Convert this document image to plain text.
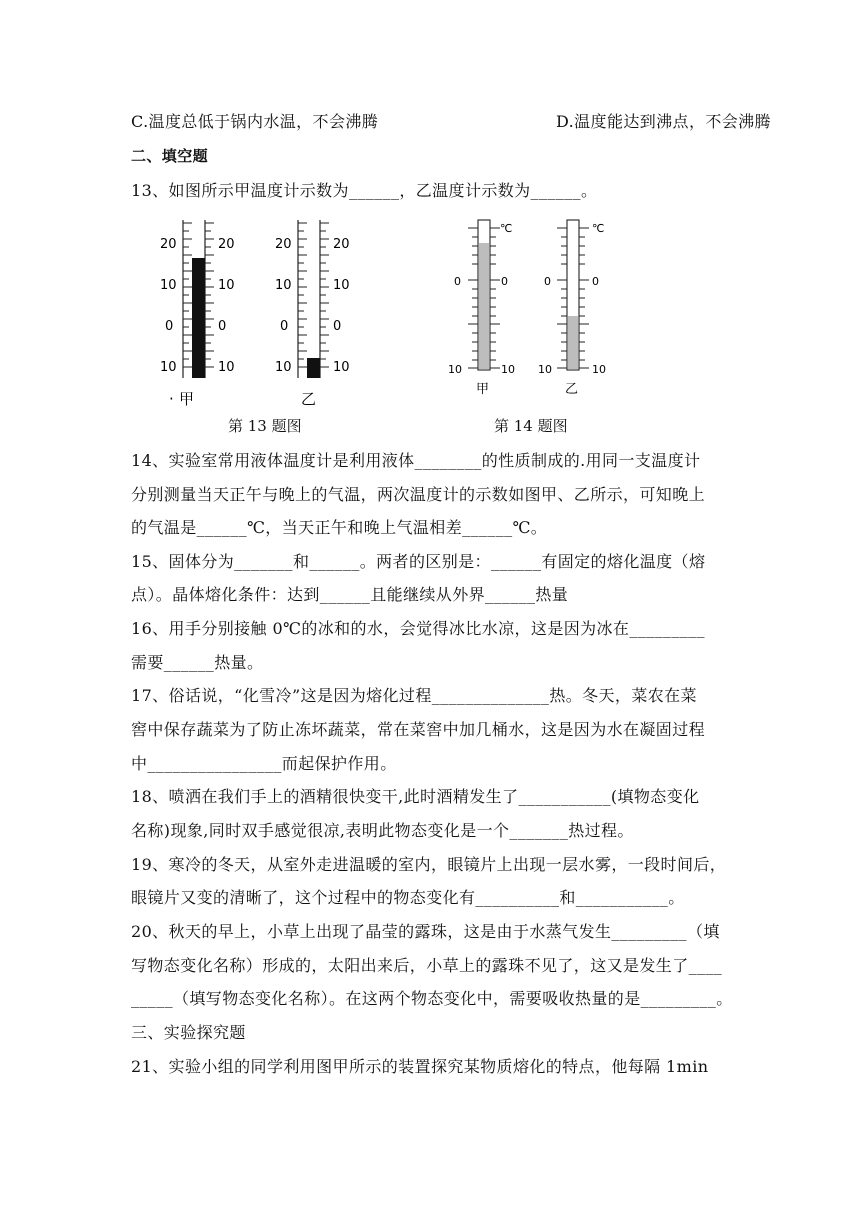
C.温度总低于锅内水温，不会沸腾	D.温度能达到沸点，不会沸腾
二、填空题
13、如图所示甲温度计示数为______，乙温度计示数为______。
20
10
0
10
20
10
0
10
· 甲
20
10
0
10
20
10
0
10
乙
第 13 题图
℃
0	0
10	10
甲
℃
0	0
10	10
乙
第 14 题图
14、实验室常用液体温度计是利用液体________的性质制成的.用同一支温度计
分别测量当天正午与晚上的气温，两次温度计的示数如图甲、乙所示，可知晚上
的气温是______℃，当天正午和晚上气温相差______℃。
15、固体分为_______和______。两者的区别是：______有固定的熔化温度（熔
点）。晶体熔化条件：达到______且能继续从外界______热量
16、用手分别接触 0℃的冰和的水，会觉得冰比水凉，这是因为冰在_________
需要______热量。
17、俗话说，“化雪冷”这是因为熔化过程______________热。冬天，菜农在菜
窖中保存蔬菜为了防止冻坏蔬菜，常在菜窖中加几桶水，这是因为水在凝固过程
中________________而起保护作用。
18、喷洒在我们手上的酒精很快变干,此时酒精发生了___________(填物态变化
名称)现象,同时双手感觉很凉,表明此物态变化是一个_______热过程。
19、寒冷的冬天，从室外走进温暖的室内，眼镜片上出现一层水雾，一段时间后，
眼镜片又变的清晰了，这个过程中的物态变化有__________和___________。
20、秋天的早上，小草上出现了晶莹的露珠，这是由于水蒸气发生_________（填
写物态变化名称）形成的，太阳出来后，小草上的露珠不见了，这又是发生了____
_____（填写物态变化名称）。在这两个物态变化中，需要吸收热量的是_________。
三、实验探究题
21、实验小组的同学利用图甲所示的装置探究某物质熔化的特点，他每隔 1min
